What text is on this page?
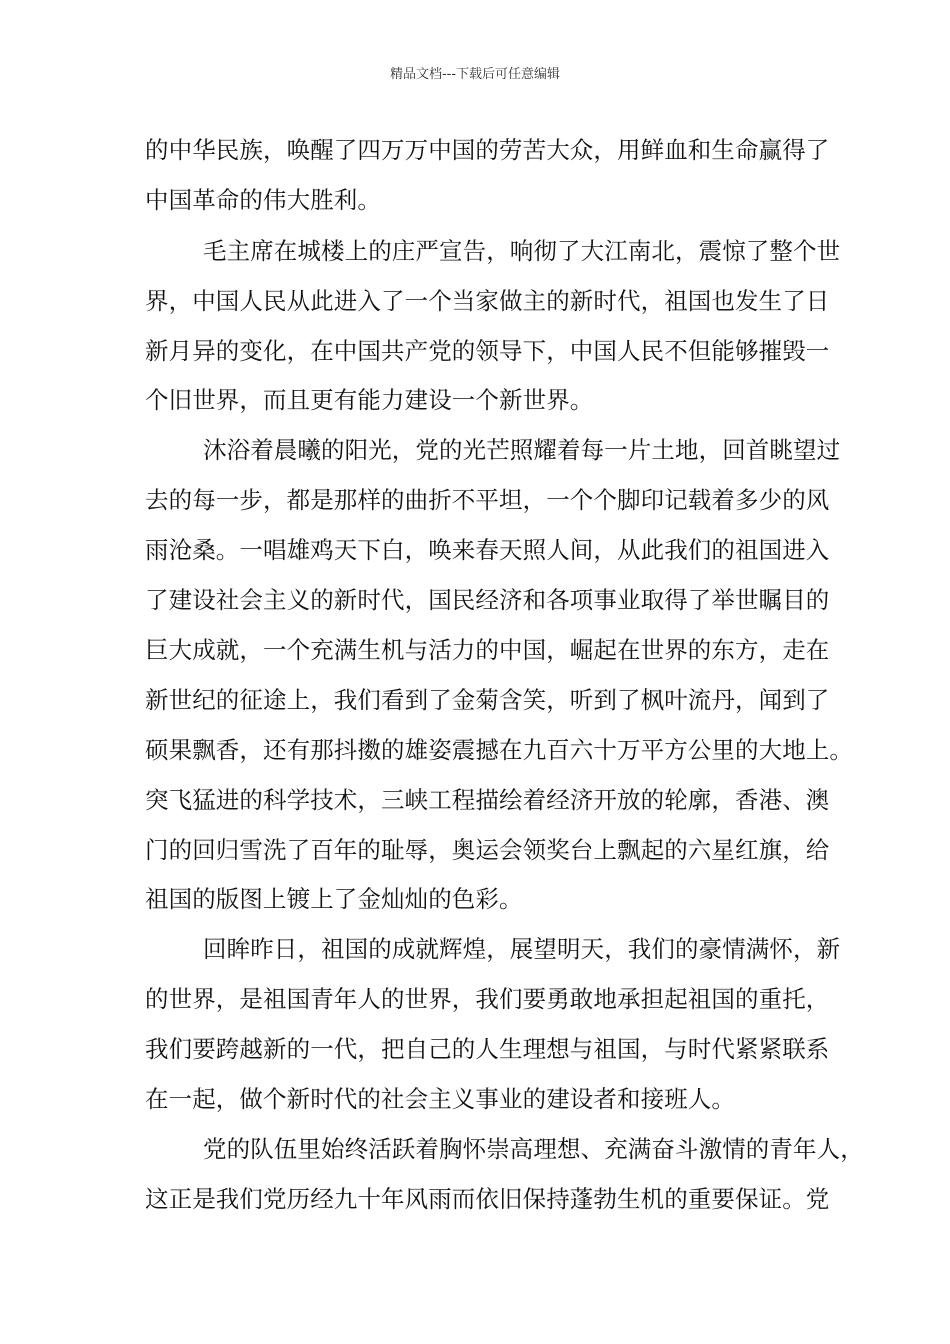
精品文档---下载后可任意编辑
的中华民族，唤醒了四万万中国的劳苦大众，用鲜血和生命赢得了
中国革命的伟大胜利。
毛主席在城楼上的庄严宣告，响彻了大江南北，震惊了整个世
界，中国人民从此进入了一个当家做主的新时代，祖国也发生了日
新月异的变化，在中国共产党的领导下，中国人民不但能够摧毁一
个旧世界，而且更有能力建设一个新世界。
沐浴着晨曦的阳光，党的光芒照耀着每一片土地，回首眺望过
去的每一步，都是那样的曲折不平坦，一个个脚印记载着多少的风
雨沧桑。一唱雄鸡天下白，唤来春天照人间，从此我们的祖国进入
了建设社会主义的新时代，国民经济和各项事业取得了举世瞩目的
巨大成就，一个充满生机与活力的中国，崛起在世界的东方，走在
新世纪的征途上，我们看到了金菊含笑，听到了枫叶流丹，闻到了
硕果飘香，还有那抖擞的雄姿震撼在九百六十万平方公里的大地上。
突飞猛进的科学技术，三峡工程描绘着经济开放的轮廓，香港、澳
门的回归雪洗了百年的耻辱，奥运会领奖台上飘起的六星红旗，给
祖国的版图上镀上了金灿灿的色彩。
回眸昨日，祖国的成就辉煌，展望明天，我们的豪情满怀，新
的世界，是祖国青年人的世界，我们要勇敢地承担起祖国的重托，
我们要跨越新的一代，把自己的人生理想与祖国，与时代紧紧联系
在一起，做个新时代的社会主义事业的建设者和接班人。
党的队伍里始终活跃着胸怀崇高理想、充满奋斗激情的青年人，
这正是我们党历经九十年风雨而依旧保持蓬勃生机的重要保证。党
